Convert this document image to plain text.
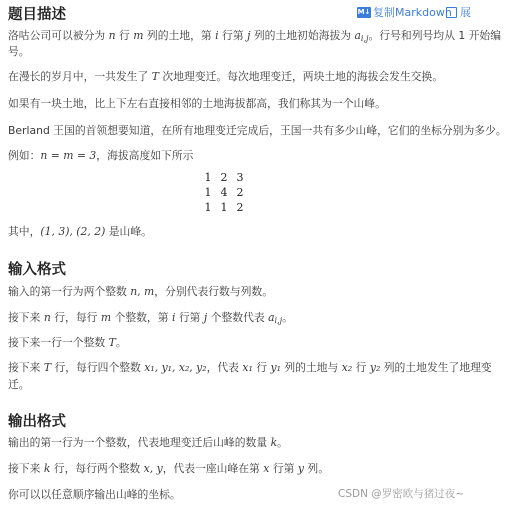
M↓ 复制Markdown 展
题目描述
洛咕公司可以被分为 n 行 m 列的土地，第 i 行第 j 列的土地初始海拔为 $a_{i,j}$。行号和列号均从 1 开始编
号。
在漫长的岁月中，一共发生了 T 次地理变迁。每次地理变迁，两块土地的海拔会发生交换。
如果有一块土地，比上下左右直接相邻的土地海拔都高，我们称其为一个山峰。
Berland 王国的首领想要知道，在所有地理变迁完成后，王国一共有多少山峰，它们的坐标分别为多少。
例如：n = m = 3，海拔高度如下所示
1 2 3
1 4 2
1 1 2
其中，(1, 3), (2, 2) 是山峰。
输入格式
输入的第一行为两个整数 n, m，分别代表行数与列数。
接下来 n 行，每行 m 个整数，第 i 行第 j 个整数代表 $a_{i,j}$。
接下来一行一个整数 T。
接下来 T 行，每行四个整数 x₁, y₁, x₂, y₂，代表 x₁ 行 y₁ 列的土地与 x₂ 行 y₂ 列的土地发生了地理变
迁。
输出格式
输出的第一行为一个整数，代表地理变迁后山峰的数量 k。
接下来 k 行，每行两个整数 x, y，代表一座山峰在第 x 行第 y 列。
你可以以任意顺序输出山峰的坐标。	CSDN @罗密欧与猪过夜~
